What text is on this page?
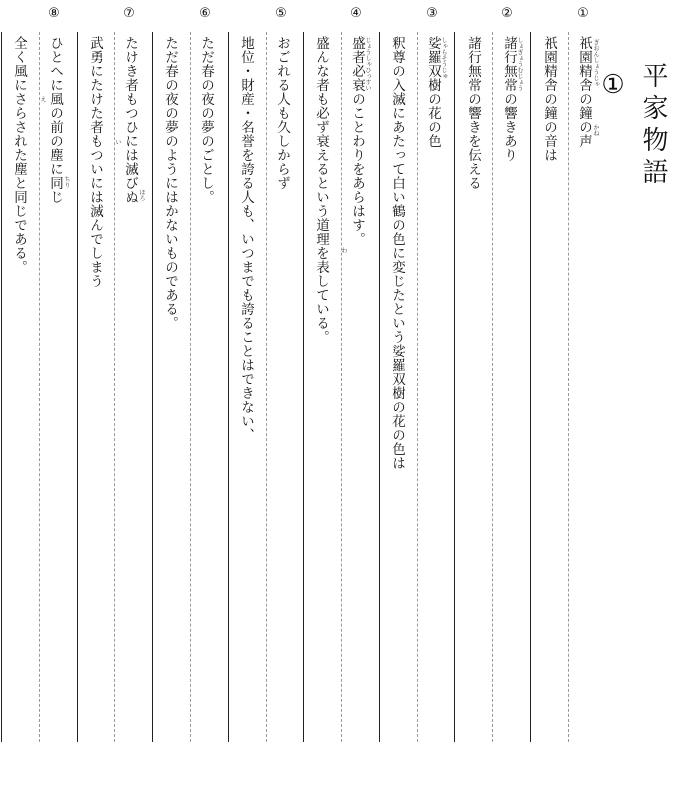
平家物語 ①
①
②
③
④
⑤
⑥
⑦
⑧
祇園精舎の鐘の声 ぎおんしょうじゃ
かね
祇園精舎の鐘の音は
諸行無常の響きあり しょぎょうむじょう
諸行無常の響きを伝える
娑羅双樹の花の色 しゃらそうじゅ
釈尊の入滅にあたって白い鶴の色に変じたという娑羅双樹の花の色は
盛者必衰のことわりをあらはす。 じょうしゃひっすい
わ
盛んな者も必ず衰えるという道理を表している。
おごれる人も久しからず
地位・財産・名誉を誇る人も、いつまでも誇ることはできない、
ただ春の夜の夢のごとし。
ただ春の夜の夢のようにはかないものである。
たけき者もつひには滅びぬ ほろ
い
武勇にたけた者もついには滅んでしまう
ひとへに風の前の塵に同じ ちり
え
全く風にさらされた塵と同じである。
